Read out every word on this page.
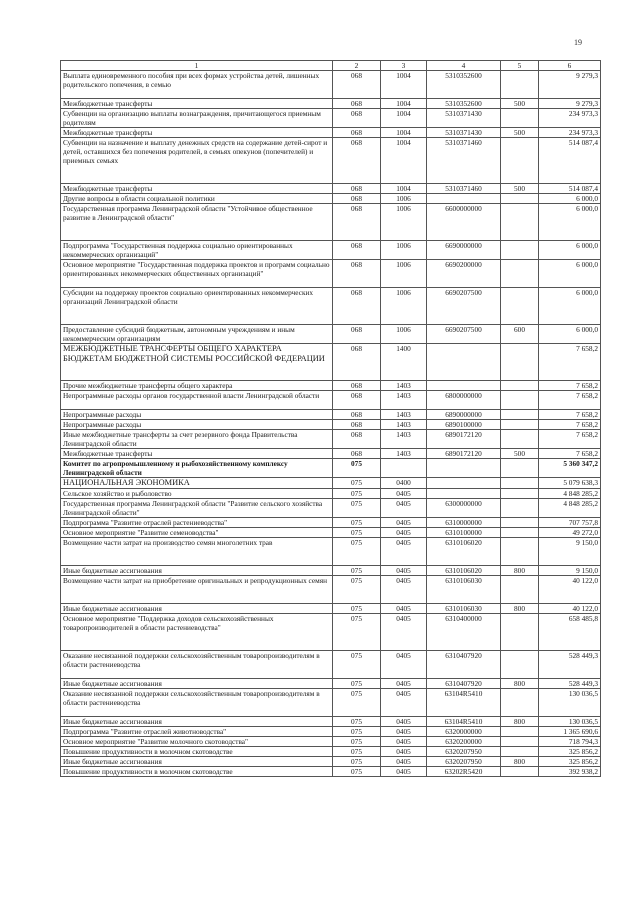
19
1	2	3	4	5	6
Выплата единовременного пособия при всех формах устройства детей, лишенных родительского попечения, в семью	068	1004	5310352600		9 279,3
Межбюджетные трансферты	068	1004	5310352600	500	9 279,3
Субвенции на организацию выплаты вознаграждения, причитающегося приемным родителям	068	1004	5310371430		234 973,3
Межбюджетные трансферты	068	1004	5310371430	500	234 973,3
Субвенции на назначение и выплату денежных средств на содержание детей-сирот и детей, оставшихся без попечения родителей, в семьях опекунов (попечителей) и приемных семьях	068	1004	5310371460		514 087,4
Межбюджетные трансферты	068	1004	5310371460	500	514 087,4
Другие вопросы в области социальной политики	068	1006			6 000,0
Государственная программа Ленинградской области "Устойчивое общественное развитие в Ленинградской области"	068	1006	6600000000		6 000,0
Подпрограмма "Государственная поддержка социально ориентированных некоммерческих организаций"	068	1006	6690000000		6 000,0
Основное мероприятие "Государственная поддержка проектов и программ социально ориентированных некоммерческих общественных организаций"	068	1006	6690200000		6 000,0
Субсидии на поддержку проектов социально ориентированных некоммерческих организаций Ленинградской области	068	1006	6690207500		6 000,0
Предоставление субсидий бюджетным, автономным учреждениям и иным некоммерческим организациям	068	1006	6690207500	600	6 000,0
МЕЖБЮДЖЕТНЫЕ ТРАНСФЕРТЫ ОБЩЕГО ХАРАКТЕРА БЮДЖЕТАМ БЮДЖЕТНОЙ СИСТЕМЫ РОССИЙСКОЙ ФЕДЕРАЦИИ	068	1400			7 658,2
Прочие межбюджетные трансферты общего характера	068	1403			7 658,2
Непрограммные расходы органов государственной власти Ленинградской области	068	1403	6800000000		7 658,2
Непрограммные расходы	068	1403	6890000000		7 658,2
Непрограммные расходы	068	1403	6890100000		7 658,2
Иные межбюджетные трансферты за счет резервного фонда Правительства Ленинградской области	068	1403	6890172120		7 658,2
Межбюджетные трансферты	068	1403	6890172120	500	7 658,2
Комитет по агропромышленному и рыбохозяйственному комплексу Ленинградской области	075				5 360 347,2
НАЦИОНАЛЬНАЯ ЭКОНОМИКА	075	0400			5 079 638,3
Сельское хозяйство и рыболовство	075	0405			4 848 285,2
Государственная программа Ленинградской области "Развитие сельского хозяйства Ленинградской области"	075	0405	6300000000		4 848 285,2
Подпрограмма "Развитие отраслей растениеводства"	075	0405	6310000000		707 757,8
Основное мероприятие "Развитие семеноводства"	075	0405	6310100000		49 272,0
Возмещение части затрат на производство семян многолетних трав	075	0405	6310106020		9 150,0
Иные бюджетные ассигнования	075	0405	6310106020	800	9 150,0
Возмещение части затрат на приобретение оригинальных и репродукционных семян	075	0405	6310106030		40 122,0
Иные бюджетные ассигнования	075	0405	6310106030	800	40 122,0
Основное мероприятие "Поддержка доходов сельскохозяйственных товаропроизводителей в области растениеводства"	075	0405	6310400000		658 485,8
Оказание несвязанной поддержки сельскохозяйственным товаропроизводителям в области растениеводства	075	0405	6310407920		528 449,3
Иные бюджетные ассигнования	075	0405	6310407920	800	528 449,3
Оказание несвязанной поддержки сельскохозяйственным товаропроизводителям в области растениеводства	075	0405	63104R5410		130 036,5
Иные бюджетные ассигнования	075	0405	63104R5410	800	130 036,5
Подпрограмма "Развитие отраслей животноводства"	075	0405	6320000000		1 365 690,6
Основное мероприятие "Развитие молочного скотоводства"	075	0405	6320200000		718 794,3
Повышение продуктивности в молочном скотоводстве	075	0405	6320207950		325 856,2
Иные бюджетные ассигнования	075	0405	6320207950	800	325 856,2
Повышение продуктивности в молочном скотоводстве	075	0405	63202R5420		392 938,2
